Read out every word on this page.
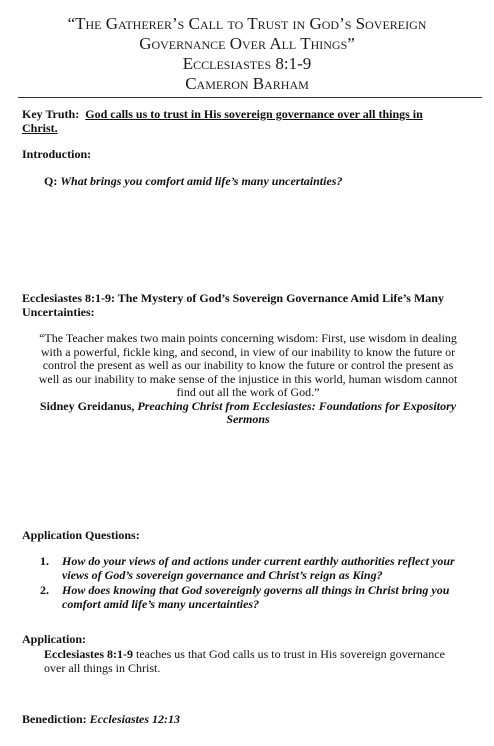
“The Gatherer’s Call to Trust in God’s Sovereign
Governance Over All Things”
Ecclesiastes 8:1-9
Cameron Barham
Key Truth: God calls us to trust in His sovereign governance over all things in
Christ.
Introduction:
Q: What brings you comfort amid life’s many uncertainties?
Ecclesiastes 8:1-9: The Mystery of God’s Sovereign Governance Amid Life’s Many
Uncertainties:
“The Teacher makes two main points concerning wisdom: First, use wisdom in dealing
with a powerful, fickle king, and second, in view of our inability to know the future or
control the present as well as our inability to know the future or control the present as
well as our inability to make sense of the injustice in this world, human wisdom cannot
find out all the work of God.”
Sidney Greidanus, Preaching Christ from Ecclesiastes: Foundations for Expository
Sermons
Application Questions:
1. How do your views of and actions under current earthly authorities reflect your
views of God’s sovereign governance and Christ’s reign as King?
2. How does knowing that God sovereignly governs all things in Christ bring you
comfort amid life’s many uncertainties?
Application:
Ecclesiastes 8:1-9 teaches us that God calls us to trust in His sovereign governance
over all things in Christ.
Benediction: Ecclesiastes 12:13
